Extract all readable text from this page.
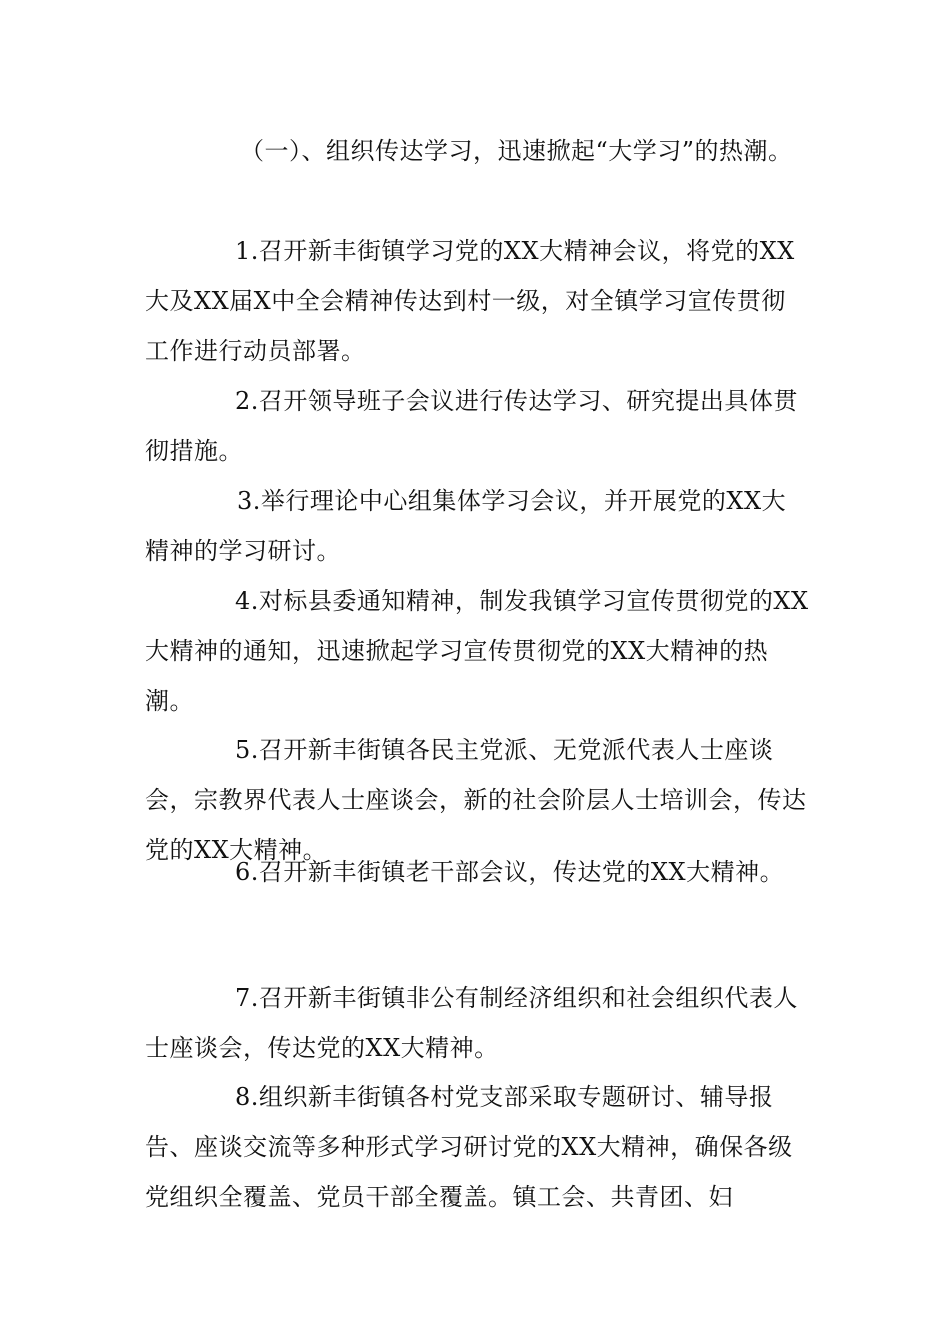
（一）、组织传达学习，迅速掀起“大学习”的热潮。

1.召开新丰街镇学习党的XX大精神会议，将党的XX大及XX届X中全会精神传达到村一级，对全镇学习宣传贯彻工作进行动员部署。

2.召开领导班子会议进行传达学习、研究提出具体贯彻措施。

3.举行理论中心组集体学习会议，并开展党的XX大精神的学习研讨。

4.对标县委通知精神，制发我镇学习宣传贯彻党的XX大精神的通知，迅速掀起学习宣传贯彻党的XX大精神的热潮。

5.召开新丰街镇各民主党派、无党派代表人士座谈会，宗教界代表人士座谈会，新的社会阶层人士培训会，传达党的XX大精神。

6.召开新丰街镇老干部会议，传达党的XX大精神。

7.召开新丰街镇非公有制经济组织和社会组织代表人士座谈会，传达党的XX大精神。

8.组织新丰街镇各村党支部采取专题研讨、辅导报告、座谈交流等多种形式学习研讨党的XX大精神，确保各级党组织全覆盖、党员干部全覆盖。镇工会、共青团、妇
